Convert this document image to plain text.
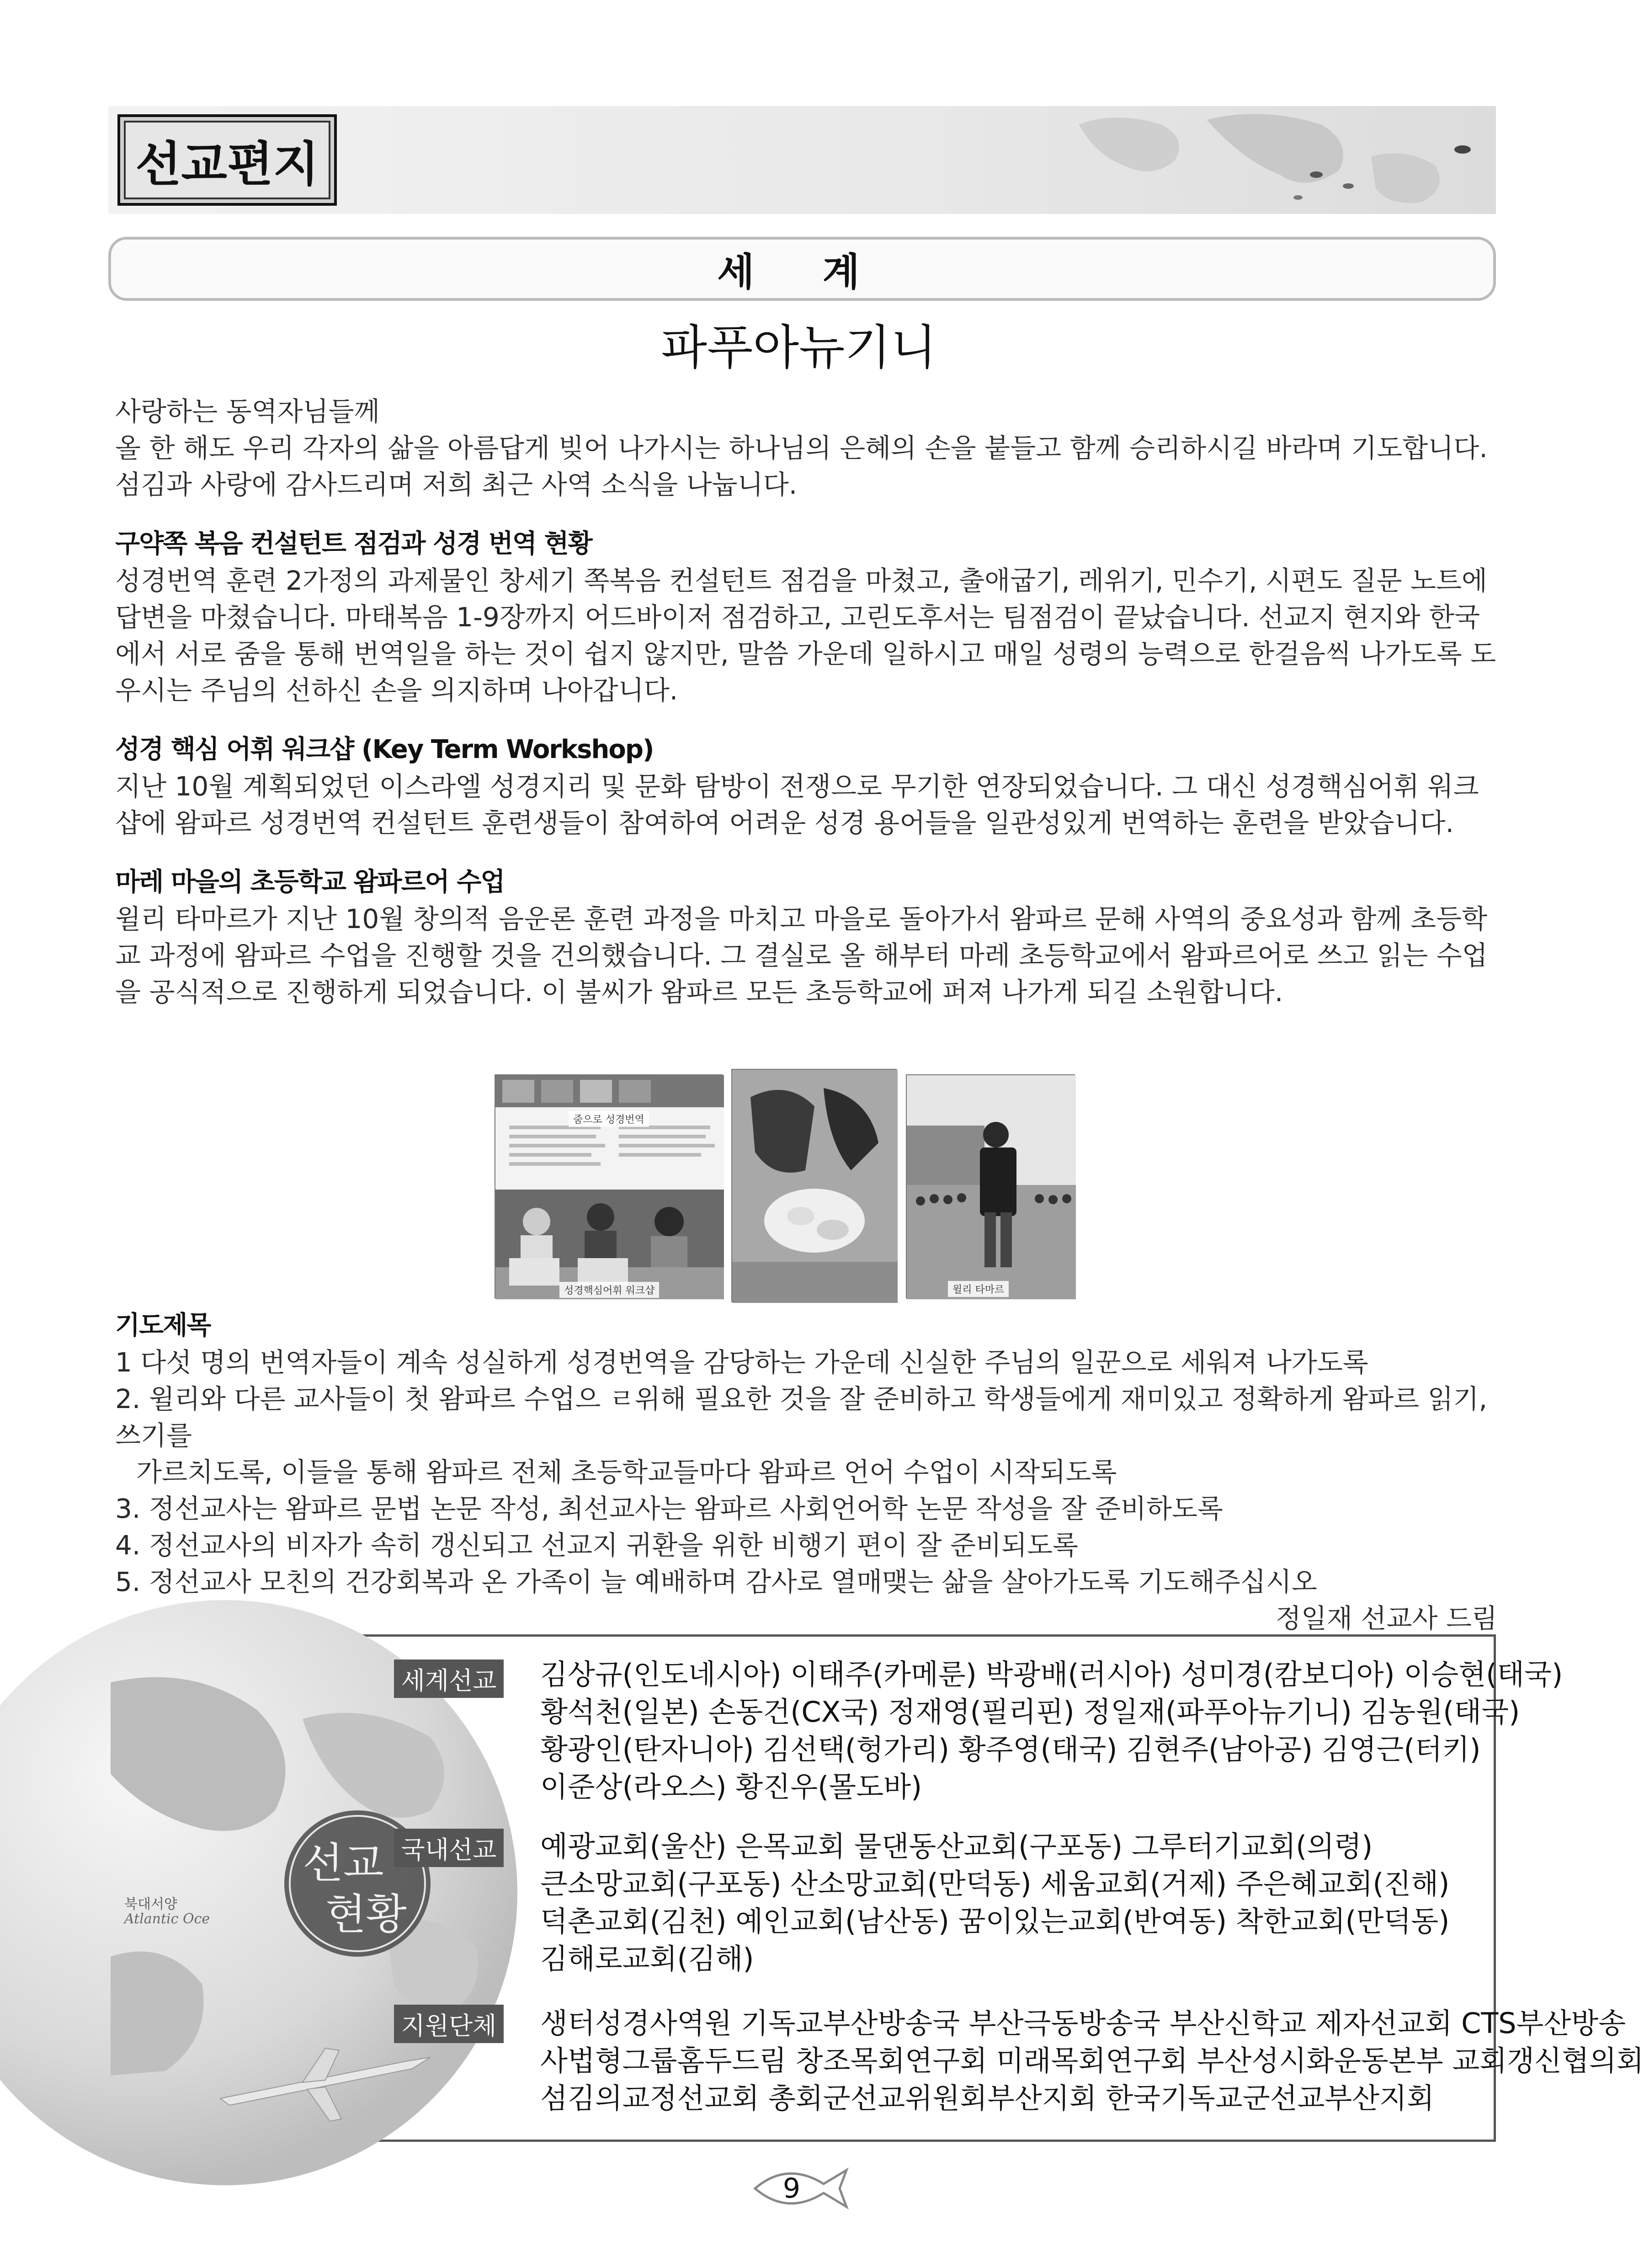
선교편지
세 계
파푸아뉴기니

사랑하는 동역자님들께

올 한 해도 우리 각자의 삶을 아름답게 빚어 나가시는 하나님의 은혜의 손을 붙들고 함께 승리하시길 바라며 기도합니다. 섬김과 사랑에 감사드리며 저희 최근 사역 소식을 나눕니다.

구약쪽 복음 컨설턴트 점검과 성경 번역 현황

성경번역 훈련 2가정의 과제물인 창세기 쪽복음 컨설턴트 점검을 마쳤고, 출애굽기, 레위기, 민수기, 시편도 질문 노트에 답변을 마쳤습니다. 마태복음 1-9장까지 어드바이저 점검하고, 고린도후서는 팀점검이 끝났습니다. 선교지 현지와 한국에서 서로 줌을 통해 번역일을 하는 것이 쉽지 않지만, 말씀 가운데 일하시고 매일 성령의 능력으로 한걸음씩 나가도록 도우시는 주님의 선하신 손을 의지하며 나아갑니다.

성경 핵심 어휘 워크샵 (Key Term Workshop)

지난 10월 계획되었던 이스라엘 성경지리 및 문화 탐방이 전쟁으로 무기한 연장되었습니다. 그 대신 성경핵심어휘 워크샵에 왐파르 성경번역 컨설턴트 훈련생들이 참여하여 어려운 성경 용어들을 일관성있게 번역하는 훈련을 받았습니다.

마레 마을의 초등학교 왐파르어 수업

윌리 타마르가 지난 10월 창의적 음운론 훈련 과정을 마치고 마을로 돌아가서 왐파르 문해 사역의 중요성과 함께 초등학교 과정에 왐파르 수업을 진행할 것을 건의했습니다. 그 결실로 올 해부터 마레 초등학교에서 왐파르어로 쓰고 읽는 수업을 공식적으로 진행하게 되었습니다. 이 불씨가 왐파르 모든 초등학교에 퍼져 나가게 되길 소원합니다.

줌으로 성경번역
성경핵심어휘 워크샵	윌리 타마르

기도제목

1 다섯 명의 번역자들이 계속 성실하게 성경번역을 감당하는 가운데 신실한 주님의 일꾼으로 세워져 나가도록

2. 윌리와 다른 교사들이 첫 왐파르 수업으 ㄹ위해 필요한 것을 잘 준비하고 학생들에게 재미있고 정확하게 왐파르 읽기, 쓰기를

가르치도록, 이들을 통해 왐파르 전체 초등학교들마다 왐파르 언어 수업이 시작되도록

3. 정선교사는 왐파르 문법 논문 작성, 최선교사는 왐파르 사회언어학 논문 작성을 잘 준비하도록

4. 정선교사의 비자가 속히 갱신되고 선교지 귀환을 위한 비행기 편이 잘 준비되도록

5. 정선교사 모친의 건강회복과 온 가족이 늘 예배하며 감사로 열매맺는 삶을 살아가도록 기도해주십시오

정일재 선교사 드림

북대서양
Atlantic Oce
선교
현황
세계선교 김상규(인도네시아) 이태주(카메룬) 박광배(러시아) 성미경(캄보디아) 이승현(태국)
황석천(일본) 손동건(CX국) 정재영(필리핀) 정일재(파푸아뉴기니) 김농원(태국)
황광인(탄자니아) 김선택(헝가리) 황주영(태국) 김현주(남아공) 김영근(터키)
이준상(라오스) 황진우(몰도바)
국내선교 예광교회(울산) 은목교회 물댄동산교회(구포동) 그루터기교회(의령)
큰소망교회(구포동) 산소망교회(만덕동) 세움교회(거제) 주은혜교회(진해)
덕촌교회(김천) 예인교회(남산동) 꿈이있는교회(반여동) 착한교회(만덕동)
김해로교회(김해)
지원단체 생터성경사역원 기독교부산방송국 부산극동방송국 부산신학교 제자선교회 CTS부산방송
사법형그룹홈두드림 창조목회연구회 미래목회연구회 부산성시화운동본부 교회갱신협의회
섬김의교정선교회 총회군선교위원회부산지회 한국기독교군선교부산지회
9
